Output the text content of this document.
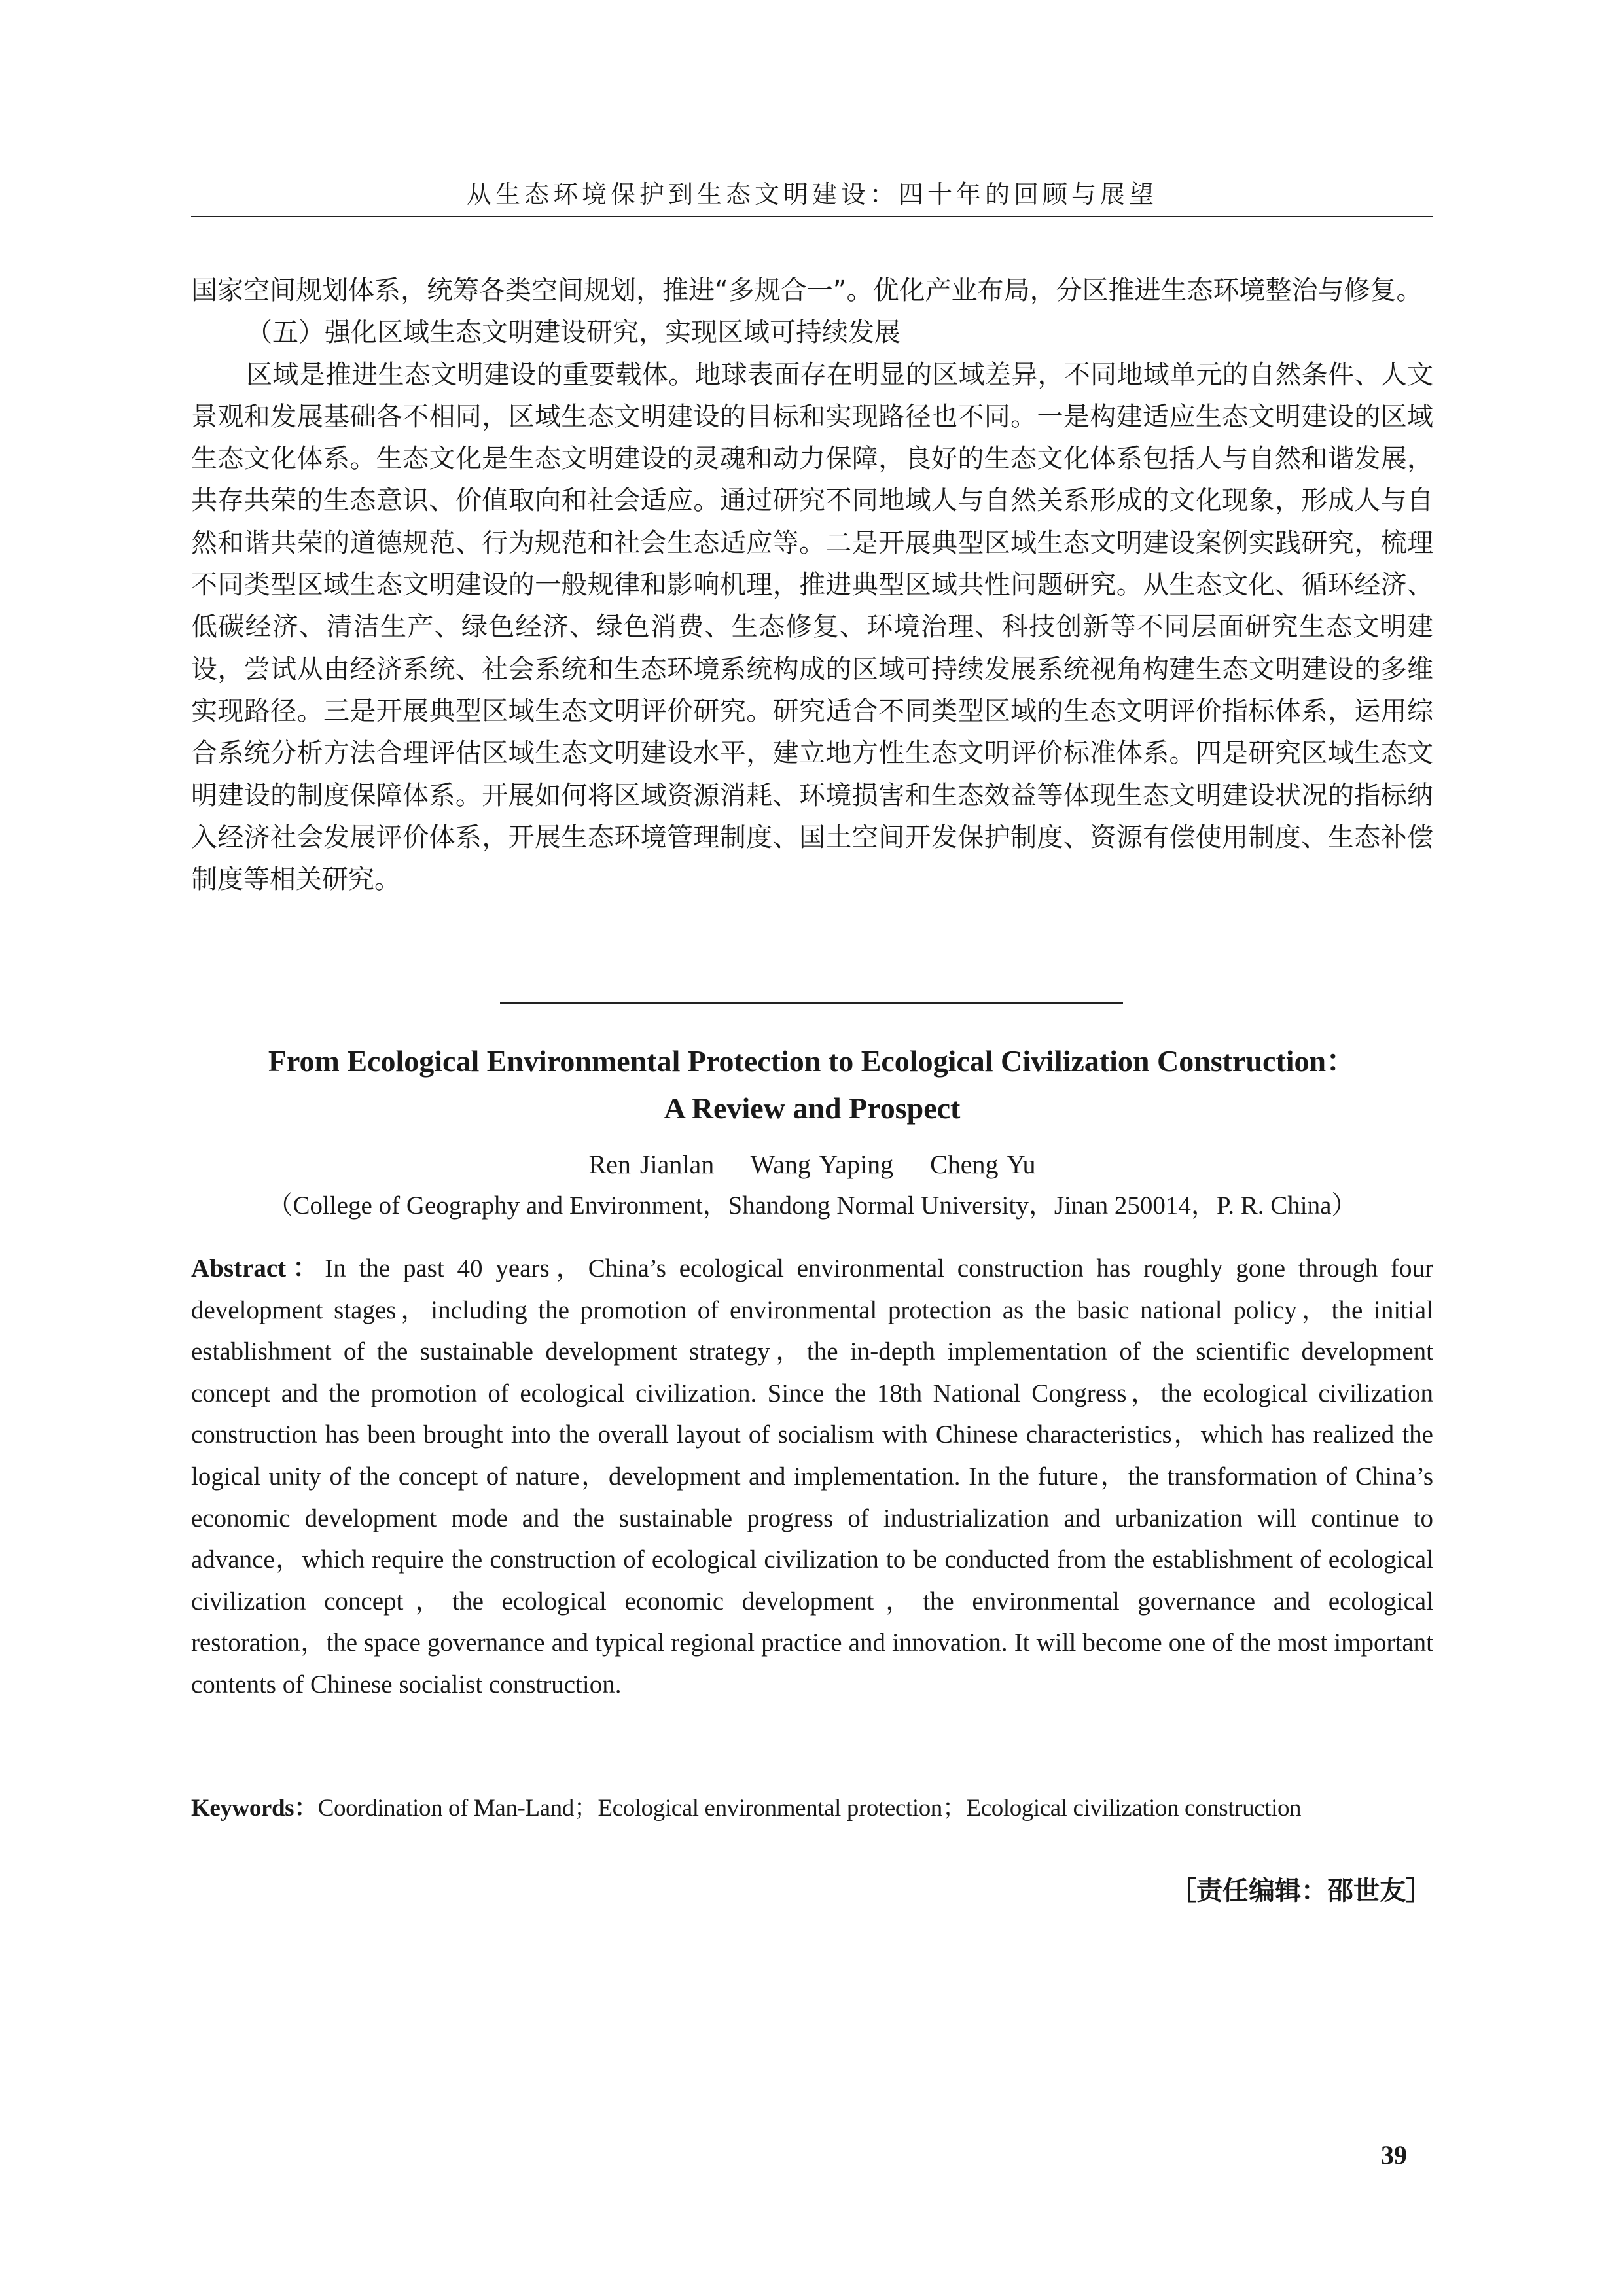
从生态环境保护到生态文明建设：四十年的回顾与展望

国家空间规划体系，统筹各类空间规划，推进“多规合一”。优化产业布局，分区推进生态环境整治与修复。

（五）强化区域生态文明建设研究，实现区域可持续发展

区域是推进生态文明建设的重要载体。地球表面存在明显的区域差异，不同地域单元的自然条件、人文景观和发展基础各不相同，区域生态文明建设的目标和实现路径也不同。一是构建适应生态文明建设的区域生态文化体系。生态文化是生态文明建设的灵魂和动力保障，良好的生态文化体系包括人与自然和谐发展，共存共荣的生态意识、价值取向和社会适应。通过研究不同地域人与自然关系形成的文化现象，形成人与自然和谐共荣的道德规范、行为规范和社会生态适应等。二是开展典型区域生态文明建设案例实践研究，梳理不同类型区域生态文明建设的一般规律和影响机理，推进典型区域共性问题研究。从生态文化、循环经济、低碳经济、清洁生产、绿色经济、绿色消费、生态修复、环境治理、科技创新等不同层面研究生态文明建设，尝试从由经济系统、社会系统和生态环境系统构成的区域可持续发展系统视角构建生态文明建设的多维实现路径。三是开展典型区域生态文明评价研究。研究适合不同类型区域的生态文明评价指标体系，运用综合系统分析方法合理评估区域生态文明建设水平，建立地方性生态文明评价标准体系。四是研究区域生态文明建设的制度保障体系。开展如何将区域资源消耗、环境损害和生态效益等体现生态文明建设状况的指标纳入经济社会发展评价体系，开展生态环境管理制度、国土空间开发保护制度、资源有偿使用制度、生态补偿制度等相关研究。

From Ecological Environmental Protection to Ecological Civilization Construction：
A Review and Prospect
Ren Jianlan    Wang Yaping    Cheng Yu
（College of Geography and Environment，Shandong Normal University，Jinan 250014，P. R. China）

Abstract：In the past 40 years，China’s ecological environmental construction has roughly gone through four development stages，including the promotion of environmental protection as the basic national policy，the initial establishment of the sustainable development strategy，the in-depth implementation of the scientific development concept and the promotion of ecological civilization. Since the 18th National Congress，the ecological civilization construction has been brought into the overall layout of socialism with Chinese characteristics，which has realized the logical unity of the concept of nature，development and implementation. In the future，the transformation of China’s economic development mode and the sustainable progress of industrialization and urbanization will continue to advance，which require the construction of ecological civilization to be conducted from the establishment of ecological civilization concept，the ecological economic development，the environmental governance and ecological restoration，the space governance and typical regional practice and innovation. It will become one of the most important contents of Chinese socialist construction.

Keywords：Coordination of Man-Land；Ecological environmental protection；Ecological civilization construction

［责任编辑：邵世友］
39
